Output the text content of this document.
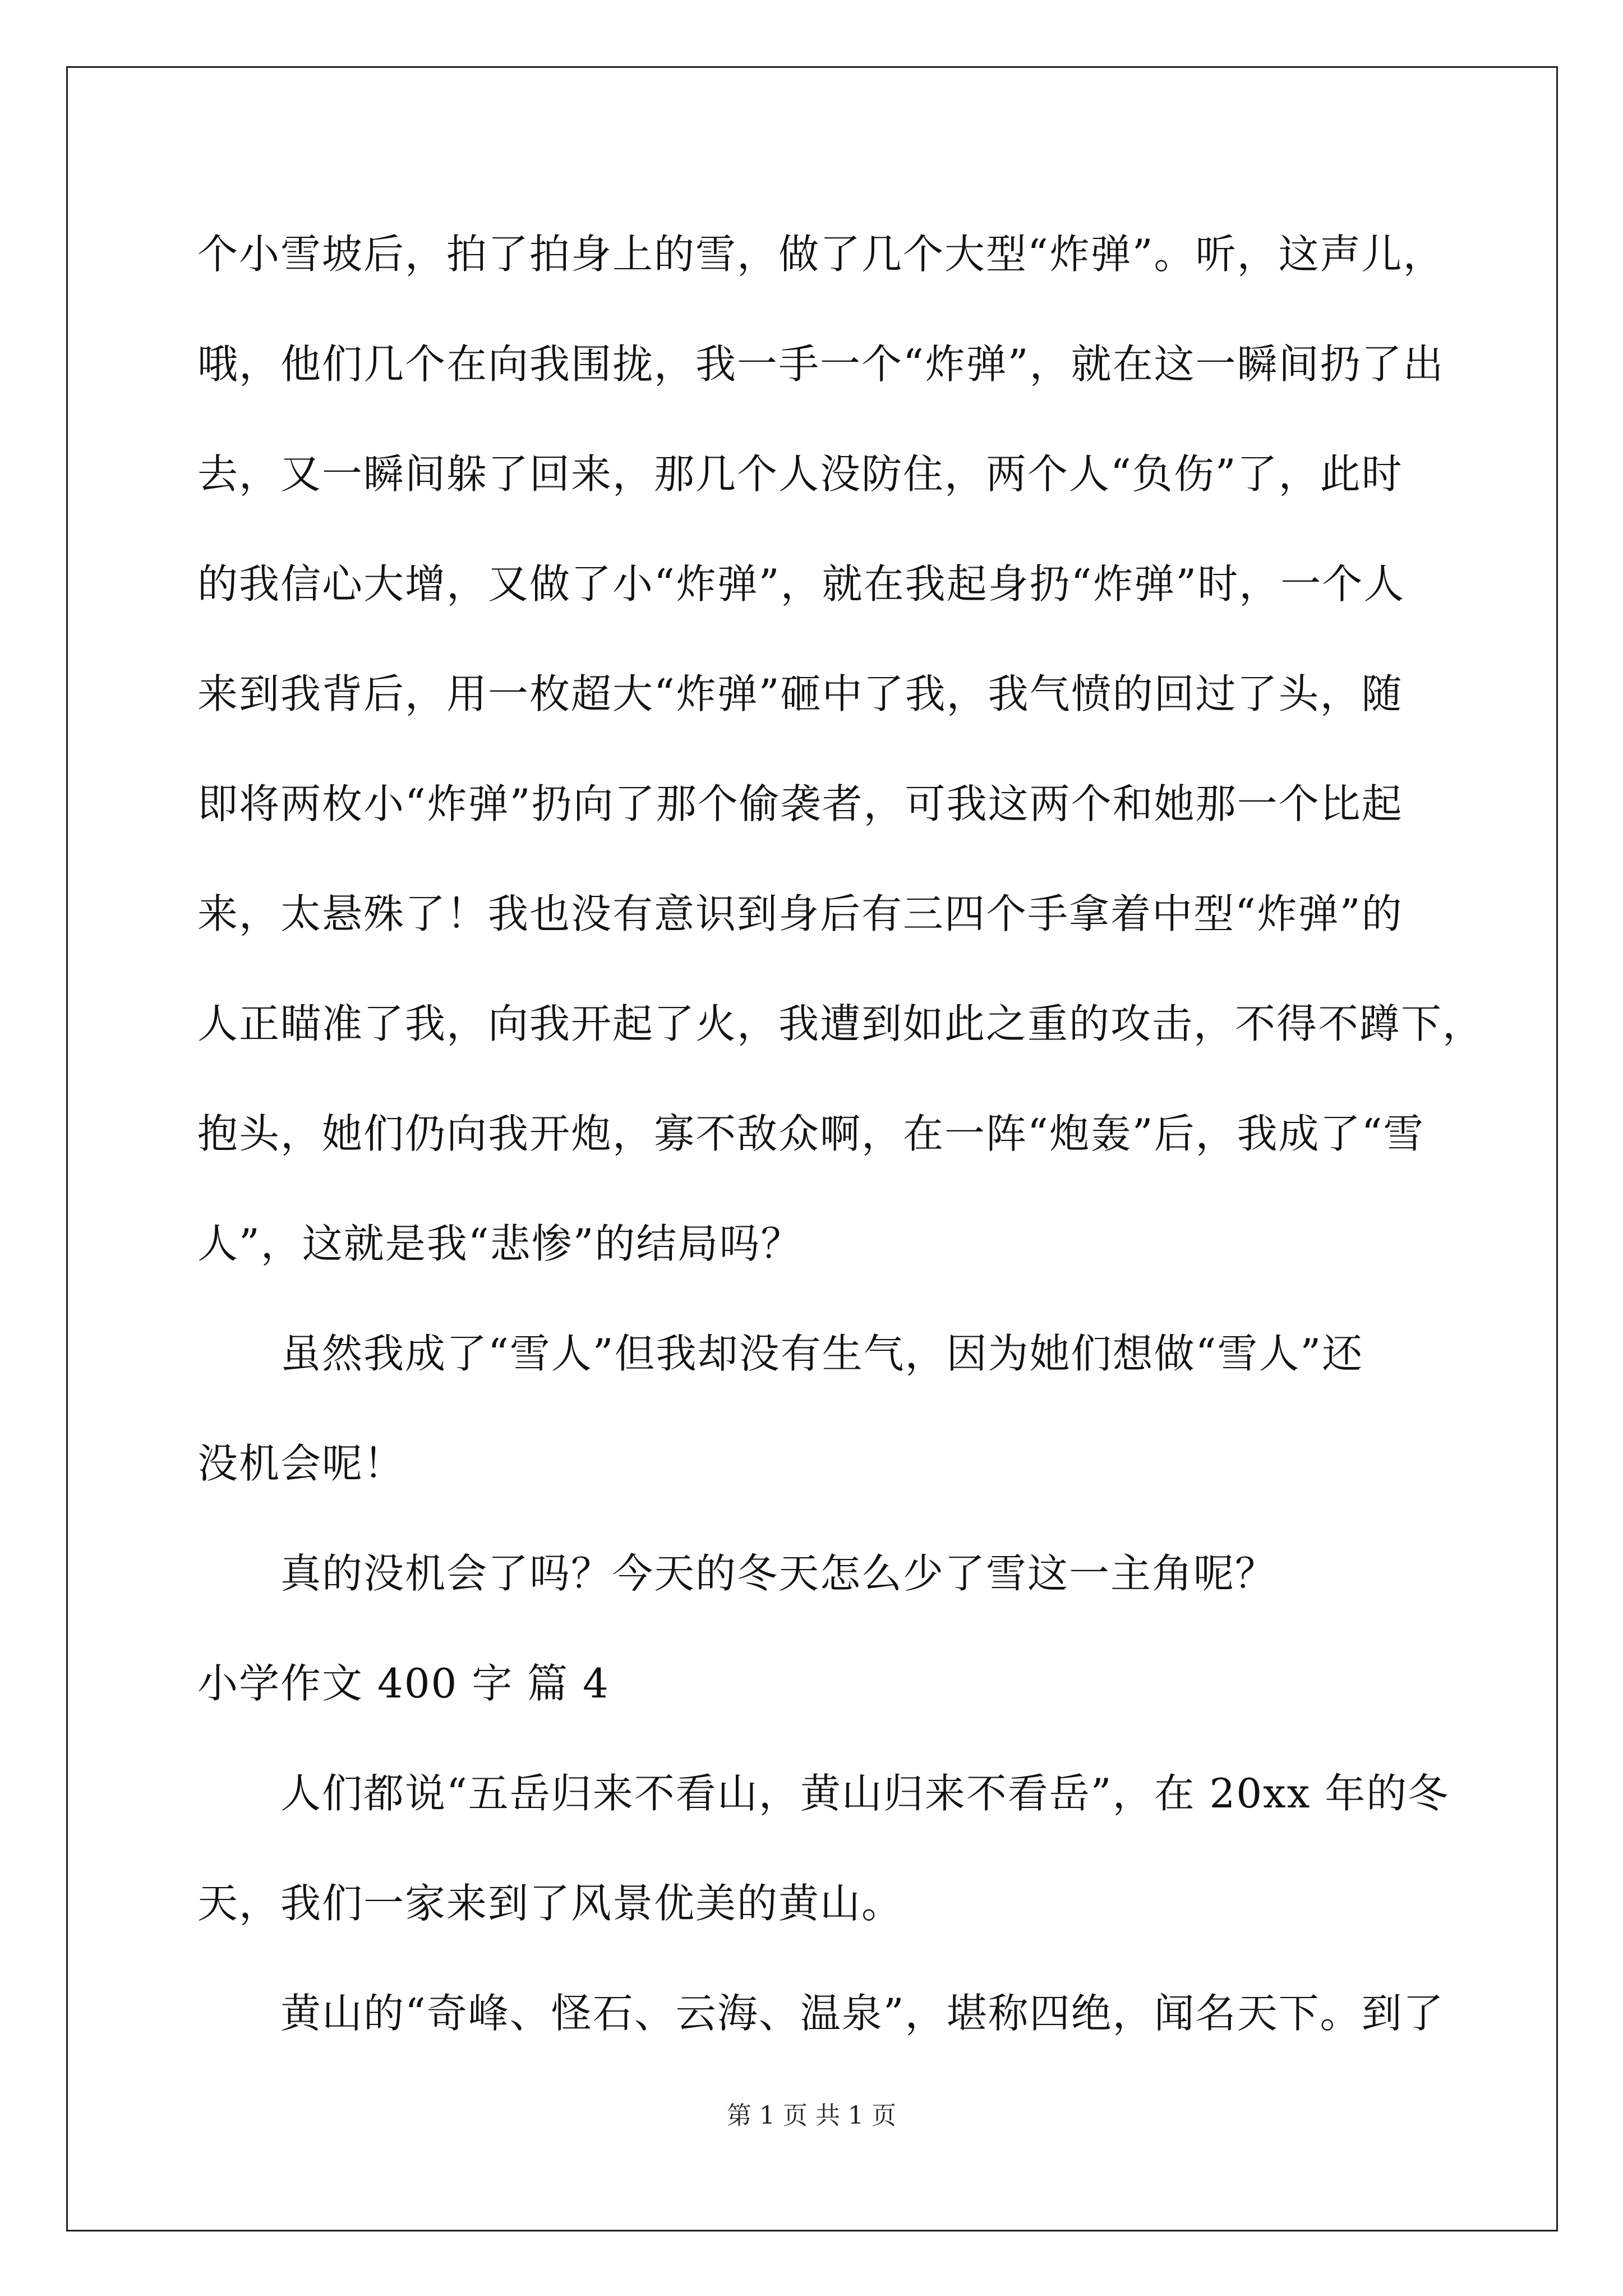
个小雪坡后，拍了拍身上的雪，做了几个大型“炸弹”。听，这声儿，
哦，他们几个在向我围拢，我一手一个“炸弹”，就在这一瞬间扔了出
去，又一瞬间躲了回来，那几个人没防住，两个人“负伤”了，此时
的我信心大增，又做了小“炸弹”，就在我起身扔“炸弹”时，一个人
来到我背后，用一枚超大“炸弹”砸中了我，我气愤的回过了头，随
即将两枚小“炸弹”扔向了那个偷袭者，可我这两个和她那一个比起
来，太悬殊了！我也没有意识到身后有三四个手拿着中型“炸弹”的
人正瞄准了我，向我开起了火，我遭到如此之重的攻击，不得不蹲下，
抱头，她们仍向我开炮，寡不敌众啊，在一阵“炮轰”后，我成了“雪
人”，这就是我“悲惨”的结局吗？
虽然我成了“雪人”但我却没有生气，因为她们想做“雪人”还
没机会呢！
真的没机会了吗？今天的冬天怎么少了雪这一主角呢？
小学作文 400 字 篇 4
人们都说“五岳归来不看山，黄山归来不看岳”，在 20xx 年的冬
天，我们一家来到了风景优美的黄山。
黄山的“奇峰、怪石、云海、温泉”，堪称四绝，闻名天下。到了
第 1 页 共 1 页
